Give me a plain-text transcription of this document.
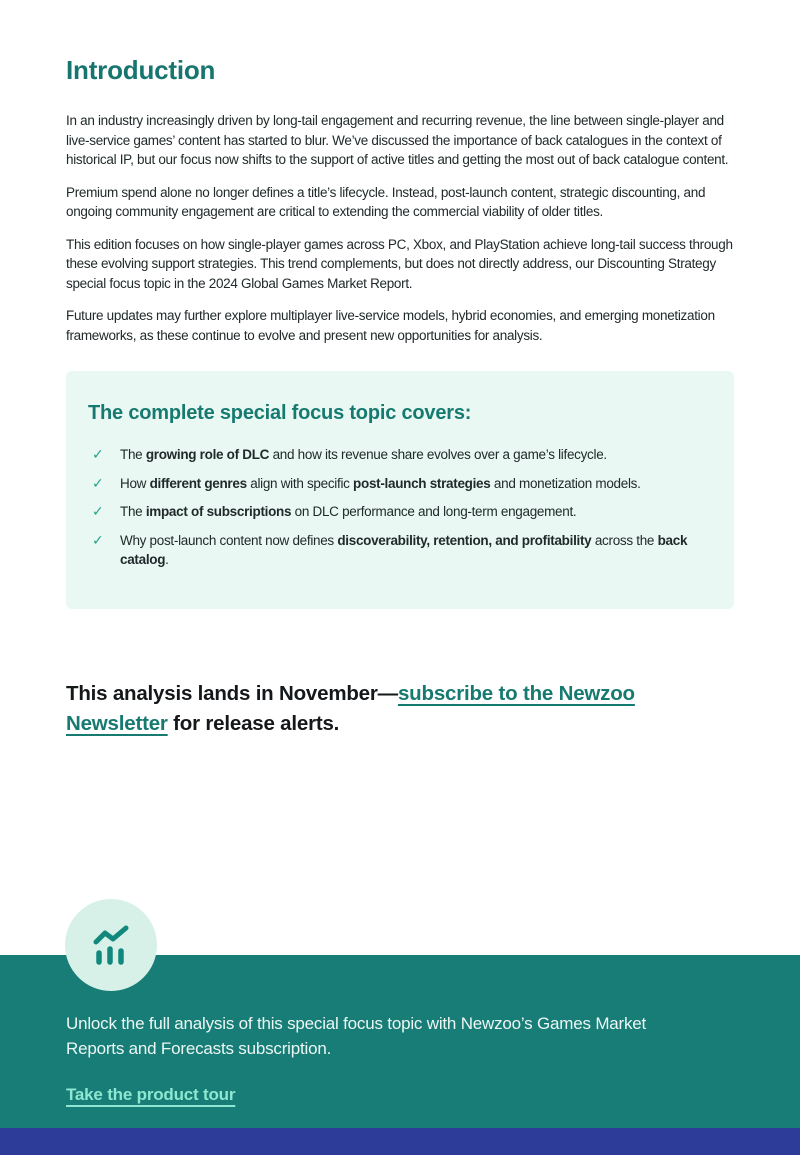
Introduction

In an industry increasingly driven by long-tail engagement and recurring revenue, the line between single-player and live-service games’ content has started to blur. We’ve discussed the importance of back catalogues in the context of historical IP, but our focus now shifts to the support of active titles and getting the most out of back catalogue content.

Premium spend alone no longer defines a title’s lifecycle. Instead, post-launch content, strategic discounting, and ongoing community engagement are critical to extending the commercial viability of older titles.

This edition focuses on how single-player games across PC, Xbox, and PlayStation achieve long-tail success through these evolving support strategies. This trend complements, but does not directly address, our Discounting Strategy special focus topic in the 2024 Global Games Market Report.

Future updates may further explore multiplayer live-service models, hybrid economies, and emerging monetization frameworks, as these continue to evolve and present new opportunities for analysis.

The complete special focus topic covers:
✓ The growing role of DLC and how its revenue share evolves over a game’s lifecycle.
✓ How different genres align with specific post-launch strategies and monetization models.
✓ The impact of subscriptions on DLC performance and long-term engagement.
✓ Why post-launch content now defines discoverability, retention, and profitability across the back catalog.

This analysis lands in November—subscribe to the Newzoo
Newsletter for release alerts.

Unlock the full analysis of this special focus topic with Newzoo’s Games Market
Reports and Forecasts subscription.

Take the product tour
